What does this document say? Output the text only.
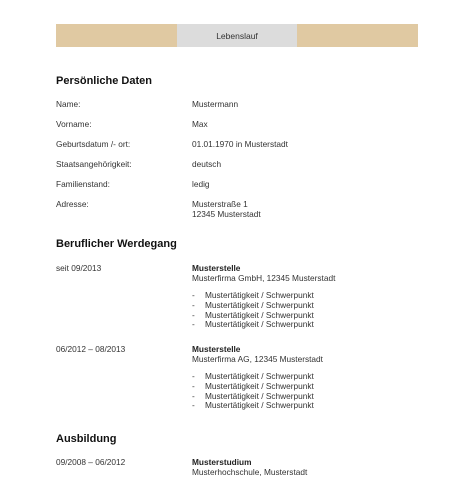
Lebenslauf
Persönliche Daten
Name:	Mustermann
Vorname:	Max
Geburtsdatum /- ort:	01.01.1970 in Musterstadt
Staatsangehörigkeit:	deutsch
Familienstand:	ledig
Adresse:	Musterstraße 1
12345 Musterstadt
Beruflicher Werdegang
seit 09/2013	Musterstelle
Musterfirma GmbH, 12345 Musterstadt
- Mustertätigkeit / Schwerpunkt
- Mustertätigkeit / Schwerpunkt
- Mustertätigkeit / Schwerpunkt
- Mustertätigkeit / Schwerpunkt
06/2012 – 08/2013	Musterstelle
Musterfirma AG, 12345 Musterstadt
- Mustertätigkeit / Schwerpunkt
- Mustertätigkeit / Schwerpunkt
- Mustertätigkeit / Schwerpunkt
- Mustertätigkeit / Schwerpunkt
Ausbildung
09/2008 – 06/2012	Musterstudium
Musterhochschule, Musterstadt
